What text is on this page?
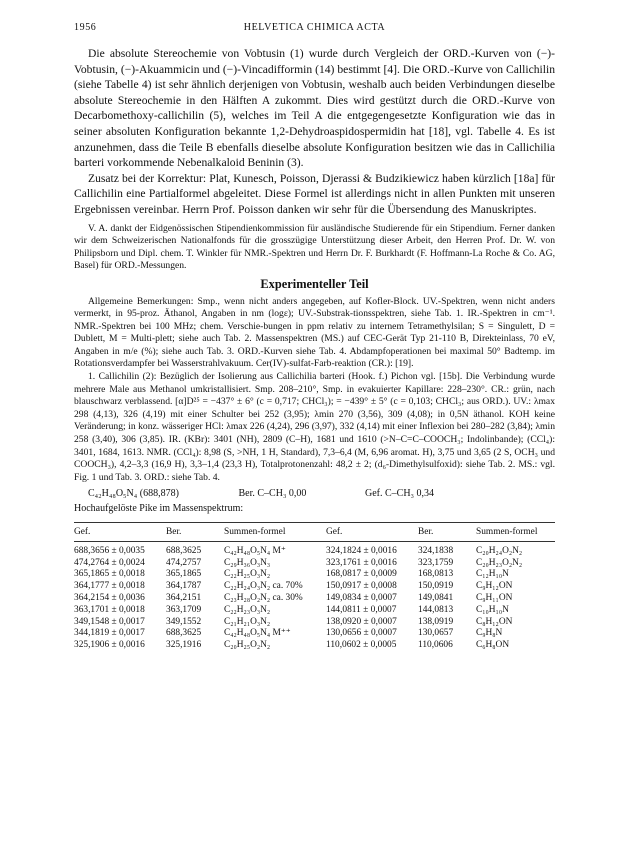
1956	HELVETICA CHIMICA ACTA

Die absolute Stereochemie von Vobtusin (1) wurde durch Vergleich der ORD.-Kurven von (−)-Vobtusin, (−)-Akuammicin und (−)-Vincadifformin (14) bestimmt [4]. Die ORD.-Kurve von Callichilin (siehe Tabelle 4) ist sehr ähnlich derjenigen von Vobtusin, weshalb auch beiden Verbindungen dieselbe absolute Stereochemie in den Hälften A zukommt. Dies wird gestützt durch die ORD.-Kurve von Decarbomethoxy-callichilin (5), welches im Teil A die entgegengesetzte Konfiguration wie das in seiner absoluten Konfiguration bekannte 1,2-Dehydroaspidospermidin hat [18], vgl. Tabelle 4. Es ist anzunehmen, dass die Teile B ebenfalls dieselbe absolute Konfiguration besitzen wie das in Callichilia barteri vorkommende Nebenalkaloid Beninin (3).

Zusatz bei der Korrektur: Plat, Kunesch, Poisson, Djerassi & Budzikiewicz haben kürzlich [18a] für Callichilin eine Partialformel abgeleitet. Diese Formel ist allerdings nicht in allen Punkten mit unseren Ergebnissen vereinbar. Herrn Prof. Poisson danken wir sehr für die Übersendung des Manuskriptes.

V. A. dankt der Eidgenössischen Stipendienkommission für ausländische Studierende für ein Stipendium. Ferner danken wir dem Schweizerischen Nationalfonds für die grosszügige Unterstützung dieser Arbeit, den Herren Prof. Dr. W. von Philipsborn und Dipl. chem. T. Winkler für NMR.-Spektren und Herrn Dr. F. Burkhardt (F. Hoffmann-La Roche & Co. AG, Basel) für ORD.-Messungen.

Experimenteller Teil

Allgemeine Bemerkungen: Smp., wenn nicht anders angegeben, auf Kofler-Block. UV.-Spektren, wenn nicht anders vermerkt, in 95-proz. Äthanol, Angaben in nm (logε); UV.-Substrak-tionsspektren, siehe Tab. 1. IR.-Spektren in cm⁻¹. NMR.-Spektren bei 100 MHz; chem. Verschie-bungen in ppm relativ zu internem Tetramethylsilan; S = Singulett, D = Dublett, M = Multi-plett; siehe auch Tab. 2. Massenspektren (MS.) auf CEC-Gerät Typ 21-110 B, Direkteinlass, 70 eV, Angaben in m/e (%); siehe auch Tab. 3. ORD.-Kurven siehe Tab. 4. Abdampfoperationen bei maximal 50° Badtemp. im Rotationsverdampfer bei Wasserstrahlvakuum. Cer(IV)-sulfat-Farb-reaktion (CR.): [19].

1. Callichilin (2): Bezüglich der Isolierung aus Callichilia barteri (Hook. f.) Pichon vgl. [15b]. Die Verbindung wurde mehrere Male aus Methanol umkristallisiert. Smp. 208–210°, Smp. in evakuierter Kapillare: 228–230°. CR.: grün, nach blauschwarz verblassend. [α]D²⁵ = −437° ± 6° (c = 0,717; CHCl₃); = −439° ± 5° (c = 0,103; CHCl₃; aus ORD.). UV.: λmax 298 (4,13), 326 (4,19) mit einer Schulter bei 252 (3,95); λmin 270 (3,56), 309 (4,08); in 0,5N äthanol. KOH keine Veränderung; in konz. wässeriger HCl: λmax 226 (4,24), 296 (3,97), 332 (4,14) mit einer Inflexion bei 280–282 (3,84); λmin 258 (3,40), 306 (3,85). IR. (KBr): 3401 (NH), 2809 (C–H), 1681 und 1610 (>N–C=C–COOCH₃; Indolinbande); (CCl₄): 3401, 1684, 1613. NMR. (CCl₄): 8,98 (S, >NH, 1 H, Standard), 7,3–6,4 (M, 6,96 aromat. H), 3,75 und 3,65 (2 S, OCH₃ und COOCH₃), 4,2–3,3 (16,9 H), 3,3–1,4 (23,3 H), Totalprotonenzahl: 48,2 ± 2; (d₆-Dimethylsulfoxid): siehe Tab. 2. MS.: vgl. Fig. 1 und Tab. 3. ORD.: siehe Tab. 4.

C₄₂H₄₈O₅N₄ (688,878)	Ber. C–CH₃ 0,00	Gef. C–CH₃ 0,34

Hochaufgelöste Pike im Massenspektrum:

Gef.	Ber.	Summen-formel	Gef.	Ber.	Summen-formel

688,3656 ± 0,0035	688,3625	C₄₂H₄₈O₅N₄ M⁺	324,1824 ± 0,0016	324,1838	C₂₀H₂₄O₂N₂
474,2764 ± 0,0024	474,2757	C₂₉H₃₆O₃N₃	323,1761 ± 0,0016	323,1759	C₂₀H₂₃O₂N₂
365,1865 ± 0,0018	365,1865	C₂₂H₂₅O₃N₂	168,0817 ± 0,0009	168,0813	C₁₂H₁₀N
364,1777 ± 0,0018	364,1787	C₂₂H₂₄O₃N₂ ca. 70%	150,0917 ± 0,0008	150,0919	C₉H₁₂ON
364,2154 ± 0,0036	364,2151	C₂₃H₂₈O₂N₂ ca. 30%	149,0834 ± 0,0007	149,0841	C₉H₁₁ON
363,1701 ± 0,0018	363,1709	C₂₂H₂₃O₃N₂	144,0811 ± 0,0007	144,0813	C₁₀H₁₀N
349,1548 ± 0,0017	349,1552	C₂₁H₂₁O₃N₂	138,0920 ± 0,0007	138,0919	C₈H₁₂ON
344,1819 ± 0,0017	688,3625	C₄₂H₄₈O₅N₄ M⁺⁺	130,0656 ± 0,0007	130,0657	C₉H₈N
325,1906 ± 0,0016	325,1916	C₂₀H₂₅O₂N₂	110,0602 ± 0,0005	110,0606	C₆H₈ON
